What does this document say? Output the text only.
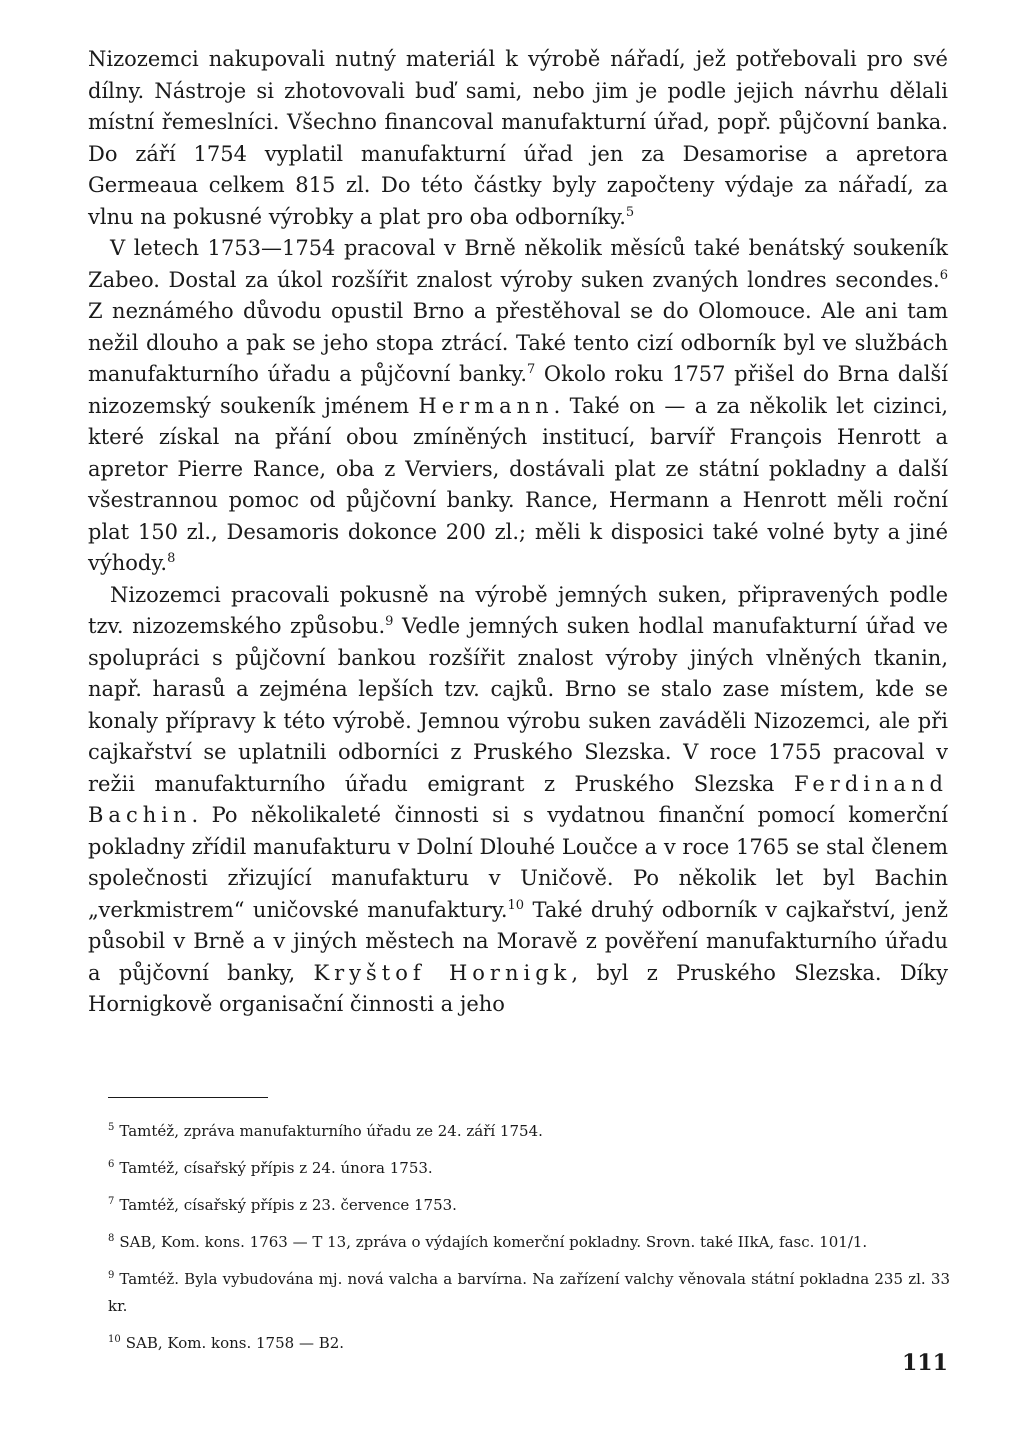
Nizozemci nakupovali nutný materiál k výrobě nářadí, jež potřebovali pro své dílny. Nástroje si zhotovovali buď sami, nebo jim je podle jejich návrhu dělali místní řemeslníci. Všechno financoval manufakturní úřad, popř. půjčovní banka. Do září 1754 vyplatil manufakturní úřad jen za Desamorise a apretora Germeaua celkem 815 zl. Do této částky byly započteny výdaje za nářadí, za vlnu na pokusné výrobky a plat pro oba odborníky.$^5$

V letech 1753—1754 pracoval v Brně několik měsíců také benátský soukeník Zabeo. Dostal za úkol rozšířit znalost výroby suken zvaných londres secondes.$^6$ Z neznámého důvodu opustil Brno a přestěhoval se do Olomouce. Ale ani tam nežil dlouho a pak se jeho stopa ztrácí. Také tento cizí odborník byl ve službách manufakturního úřadu a půjčovní banky.$^7$ Okolo roku 1757 přišel do Brna další nizozemský soukeník jménem Hermann. Také on — a za několik let cizinci, které získal na přání obou zmíněných institucí, barvíř François Henrott a apretor Pierre Rance, oba z Verviers, dostávali plat ze státní pokladny a další všestrannou pomoc od půjčovní banky. Rance, Hermann a Henrott měli roční plat 150 zl., Desamoris dokonce 200 zl.; měli k disposici také volné byty a jiné výhody.$^8$

Nizozemci pracovali pokusně na výrobě jemných suken, připravených podle tzv. nizozemského způsobu.$^9$ Vedle jemných suken hodlal manufakturní úřad ve spolupráci s půjčovní bankou rozšířit znalost výroby jiných vlněných tkanin, např. harasů a zejména lepších tzv. cajků. Brno se stalo zase místem, kde se konaly přípravy k této výrobě. Jemnou výrobu suken zaváděli Nizozemci, ale při cajkařství se uplatnili odborníci z Pruského Slezska. V roce 1755 pracoval v režii manufakturního úřadu emigrant z Pruského Slezska Ferdinand Bachin. Po několikaleté činnosti si s vydatnou finanční pomocí komerční pokladny zřídil manufakturu v Dolní Dlouhé Loučce a v roce 1765 se stal členem společnosti zřizující manufakturu v Uničově. Po několik let byl Bachin „verkmistrem“ uničovské manufaktury.$^{10}$ Také druhý odborník v cajkařství, jenž působil v Brně a v jiných městech na Moravě z pověření manufakturního úřadu a půjčovní banky, Kryštof Hornigk, byl z Pruského Slezska. Díky Hornigkově organisační činnosti a jeho

$^5$ Tamtéž, zpráva manufakturního úřadu ze 24. září 1754.

$^6$ Tamtéž, císařský přípis z 24. února 1753.

$^7$ Tamtéž, císařský přípis z 23. července 1753.

$^8$ SAB, Kom. kons. 1763 — T 13, zpráva o výdajích komerční pokladny. Srovn. také IIkA, fasc. 101/1.

$^9$ Tamtéž. Byla vybudována mj. nová valcha a barvírna. Na zařízení valchy věnovala státní pokladna 235 zl. 33 kr.

$^{10}$ SAB, Kom. kons. 1758 — B2.

111
